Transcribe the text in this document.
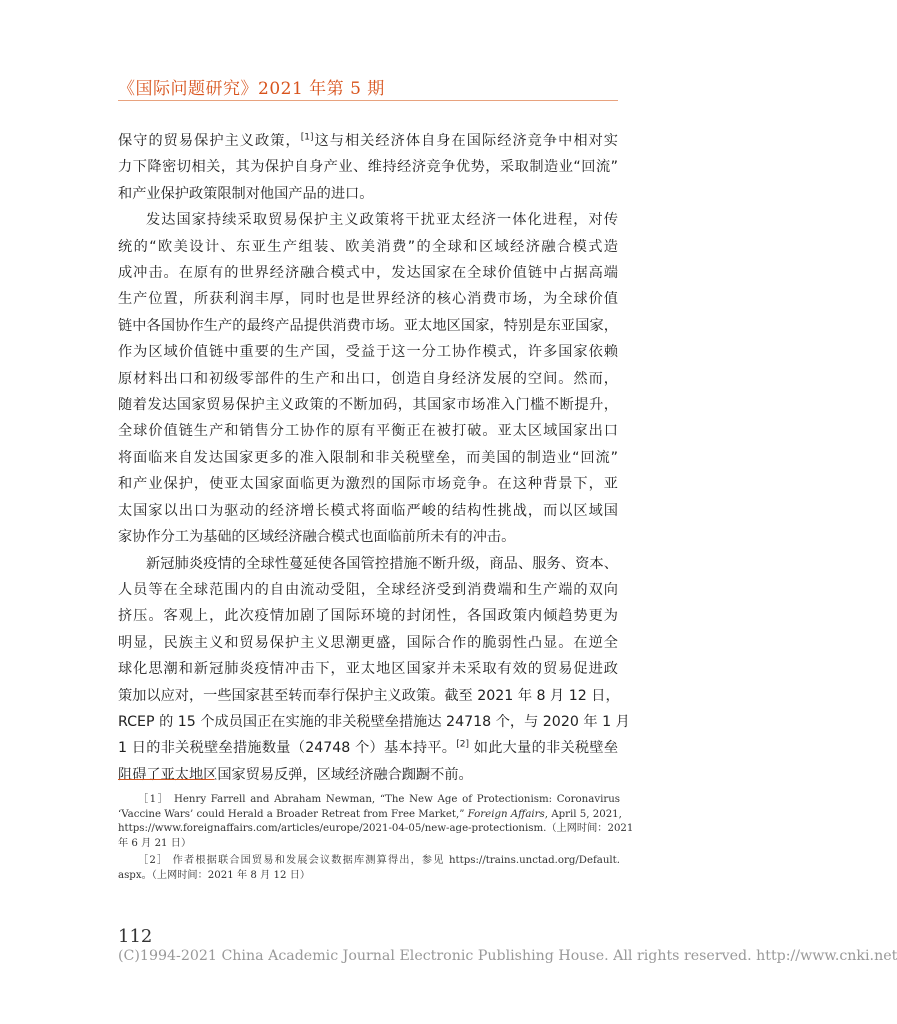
《国际问题研究》2021 年第 5 期
保守的贸易保护主义政策，[1]这与相关经济体自身在国际经济竞争中相对实
力下降密切相关，其为保护自身产业、维持经济竞争优势，采取制造业“回流”
和产业保护政策限制对他国产品的进口。
发达国家持续采取贸易保护主义政策将干扰亚太经济一体化进程，对传
统的“欧美设计、东亚生产组装、欧美消费”的全球和区域经济融合模式造
成冲击。在原有的世界经济融合模式中，发达国家在全球价值链中占据高端
生产位置，所获利润丰厚，同时也是世界经济的核心消费市场，为全球价值
链中各国协作生产的最终产品提供消费市场。亚太地区国家，特别是东亚国家，
作为区域价值链中重要的生产国，受益于这一分工协作模式，许多国家依赖
原材料出口和初级零部件的生产和出口，创造自身经济发展的空间。然而，
随着发达国家贸易保护主义政策的不断加码，其国家市场准入门槛不断提升，
全球价值链生产和销售分工协作的原有平衡正在被打破。亚太区域国家出口
将面临来自发达国家更多的准入限制和非关税壁垒，而美国的制造业“回流”
和产业保护，使亚太国家面临更为激烈的国际市场竞争。在这种背景下，亚
太国家以出口为驱动的经济增长模式将面临严峻的结构性挑战，而以区域国
家协作分工为基础的区域经济融合模式也面临前所未有的冲击。
新冠肺炎疫情的全球性蔓延使各国管控措施不断升级，商品、服务、资本、
人员等在全球范围内的自由流动受阻，全球经济受到消费端和生产端的双向
挤压。客观上，此次疫情加剧了国际环境的封闭性，各国政策内倾趋势更为
明显，民族主义和贸易保护主义思潮更盛，国际合作的脆弱性凸显。在逆全
球化思潮和新冠肺炎疫情冲击下，亚太地区国家并未采取有效的贸易促进政
策加以应对，一些国家甚至转而奉行保护主义政策。截至 2021 年 8 月 12 日，
RCEP 的 15 个成员国正在实施的非关税壁垒措施达 24718 个，与 2020 年 1 月
1 日的非关税壁垒措施数量（24748 个）基本持平。[2] 如此大量的非关税壁垒
阻碍了亚太地区国家贸易反弹，区域经济融合踟蹰不前。
［1］ Henry Farrell and Abraham Newman, “The New Age of Protectionism: Coronavirus
‘Vaccine Wars’ could Herald a Broader Retreat from Free Market,” Foreign Affairs, April 5, 2021,
https://www.foreignaffairs.com/articles/europe/2021-04-05/new-age-protectionism.（上网时间：2021
年 6 月 21 日）
［2］ 作者根据联合国贸易和发展会议数据库测算得出，参见 https://trains.unctad.org/Default.
aspx。（上网时间：2021 年 8 月 12 日）
112
(C)1994-2021 China Academic Journal Electronic Publishing House. All rights reserved. http://www.cnki.net
